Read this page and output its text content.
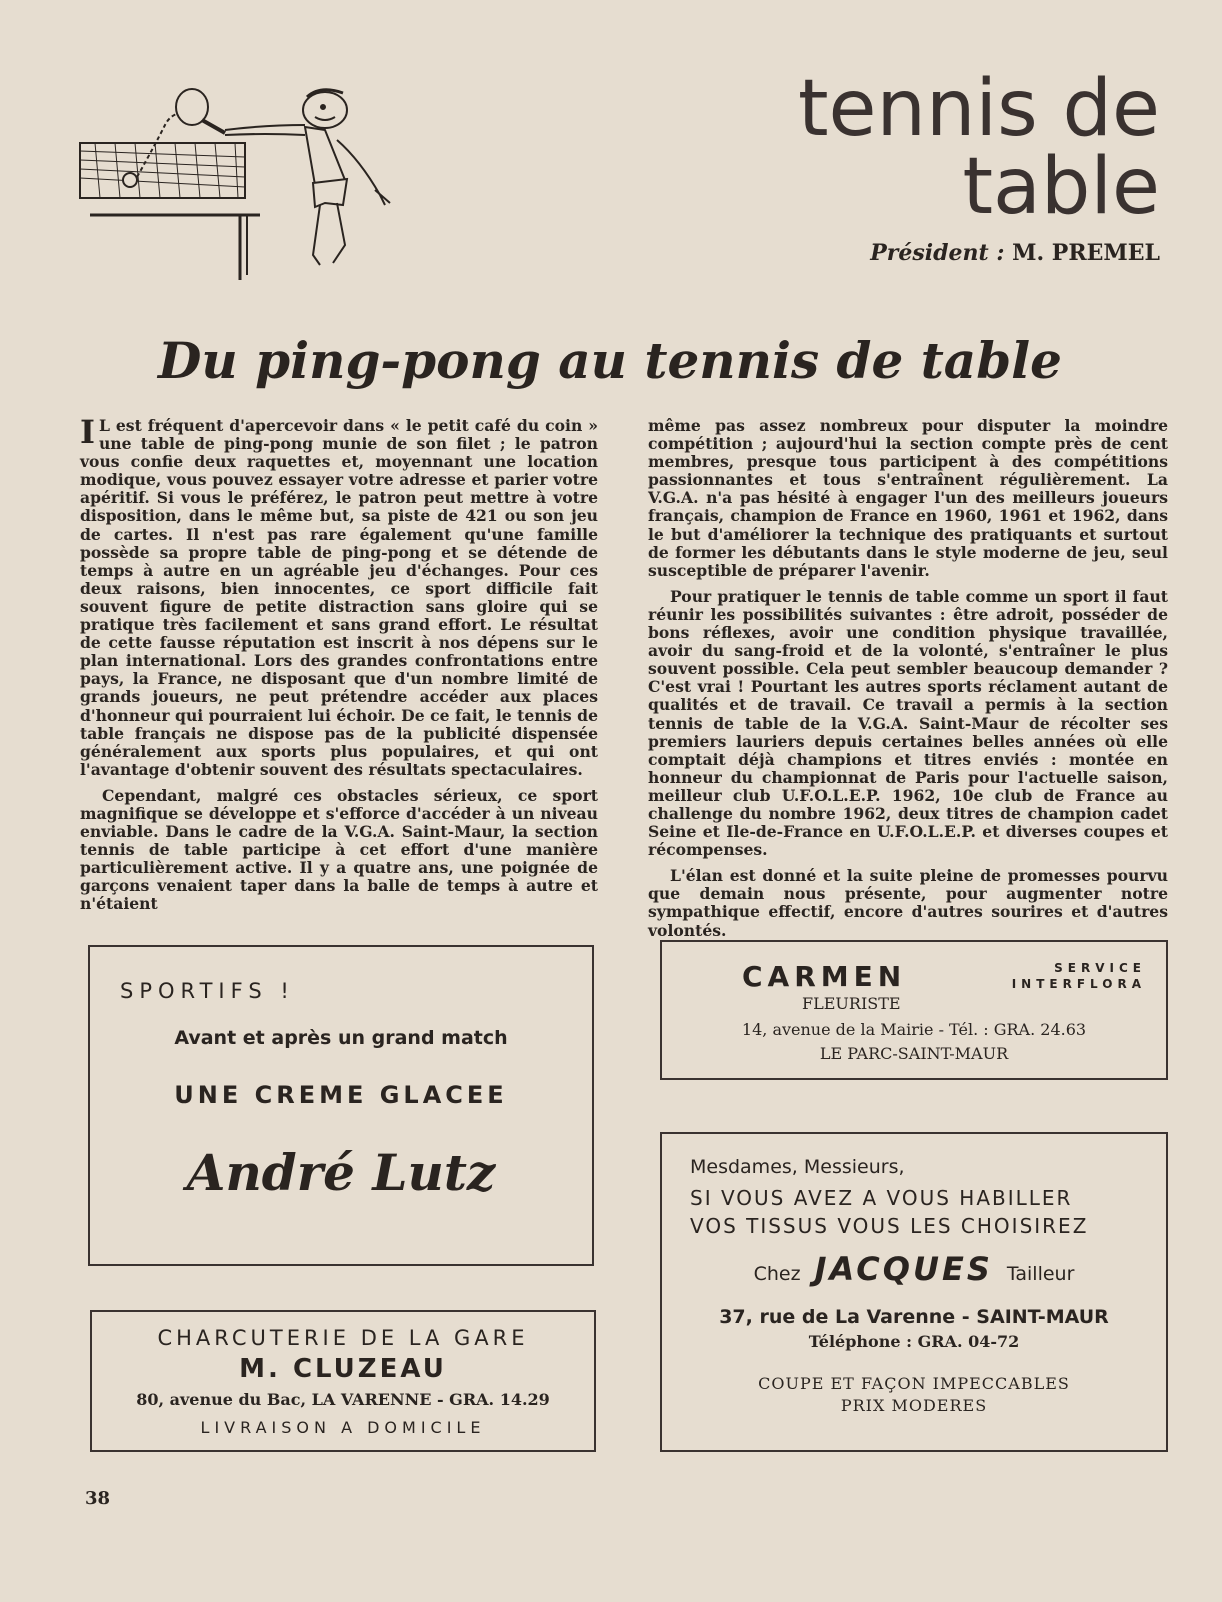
tennis de table
Président : M. PREMEL
Du ping-pong au tennis de table

I L est fréquent d'apercevoir dans « le petit café du coin » une table de ping-pong munie de son filet ; le patron vous confie deux raquettes et, moyennant une location modique, vous pouvez essayer votre adresse et parier votre apéritif. Si vous le préférez, le patron peut mettre à votre disposition, dans le même but, sa piste de 421 ou son jeu de cartes. Il n'est pas rare également qu'une famille possède sa propre table de ping-pong et se détende de temps à autre en un agréable jeu d'échanges. Pour ces deux raisons, bien innocentes, ce sport difficile fait souvent figure de petite distraction sans gloire qui se pratique très facilement et sans grand effort. Le résultat de cette fausse réputation est inscrit à nos dépens sur le plan international. Lors des grandes confrontations entre pays, la France, ne disposant que d'un nombre limité de grands joueurs, ne peut prétendre accéder aux places d'honneur qui pourraient lui échoir. De ce fait, le tennis de table français ne dispose pas de la publicité dispensée généralement aux sports plus populaires, et qui ont l'avantage d'obtenir souvent des résultats spectaculaires.

Cependant, malgré ces obstacles sérieux, ce sport magnifique se développe et s'efforce d'accéder à un niveau enviable. Dans le cadre de la V.G.A. Saint-Maur, la section tennis de table participe à cet effort d'une manière particulièrement active. Il y a quatre ans, une poignée de garçons venaient taper dans la balle de temps à autre et n'étaient

même pas assez nombreux pour disputer la moindre compétition ; aujourd'hui la section compte près de cent membres, presque tous participent à des compétitions passionnantes et tous s'entraînent régulièrement. La V.G.A. n'a pas hésité à engager l'un des meilleurs joueurs français, champion de France en 1960, 1961 et 1962, dans le but d'améliorer la technique des pratiquants et surtout de former les débutants dans le style moderne de jeu, seul susceptible de préparer l'avenir.

Pour pratiquer le tennis de table comme un sport il faut réunir les possibilités suivantes : être adroit, posséder de bons réflexes, avoir une condition physique travaillée, avoir du sang-froid et de la volonté, s'entraîner le plus souvent possible. Cela peut sembler beaucoup demander ? C'est vrai ! Pourtant les autres sports réclament autant de qualités et de travail. Ce travail a permis à la section tennis de table de la V.G.A. Saint-Maur de récolter ses premiers lauriers depuis certaines belles années où elle comptait déjà champions et titres enviés : montée en honneur du championnat de Paris pour l'actuelle saison, meilleur club U.F.O.L.E.P. 1962, 10e club de France au challenge du nombre 1962, deux titres de champion cadet Seine et Ile-de-France en U.F.O.L.E.P. et diverses coupes et récompenses.

L'élan est donné et la suite pleine de promesses pourvu que demain nous présente, pour augmenter notre sympathique effectif, encore d'autres sourires et d'autres volontés.

SPORTIFS !
Avant et après un grand match
UNE CREME GLACEE
André Lutz
CHARCUTERIE DE LA GARE
M. CLUZEAU
80, avenue du Bac, LA VARENNE - GRA. 14.29
LIVRAISON A DOMICILE
CARMEN	SERVICE
INTERFLORA
FLEURISTE
14, avenue de la Mairie - Tél. : GRA. 24.63
LE PARC-SAINT-MAUR
Mesdames, Messieurs,
SI VOUS AVEZ A VOUS HABILLER
VOS TISSUS VOUS LES CHOISIREZ
Chez JACQUES Tailleur
37, rue de La Varenne - SAINT-MAUR
Téléphone : GRA. 04-72
COUPE ET FAÇON IMPECCABLES
PRIX MODERES
38
